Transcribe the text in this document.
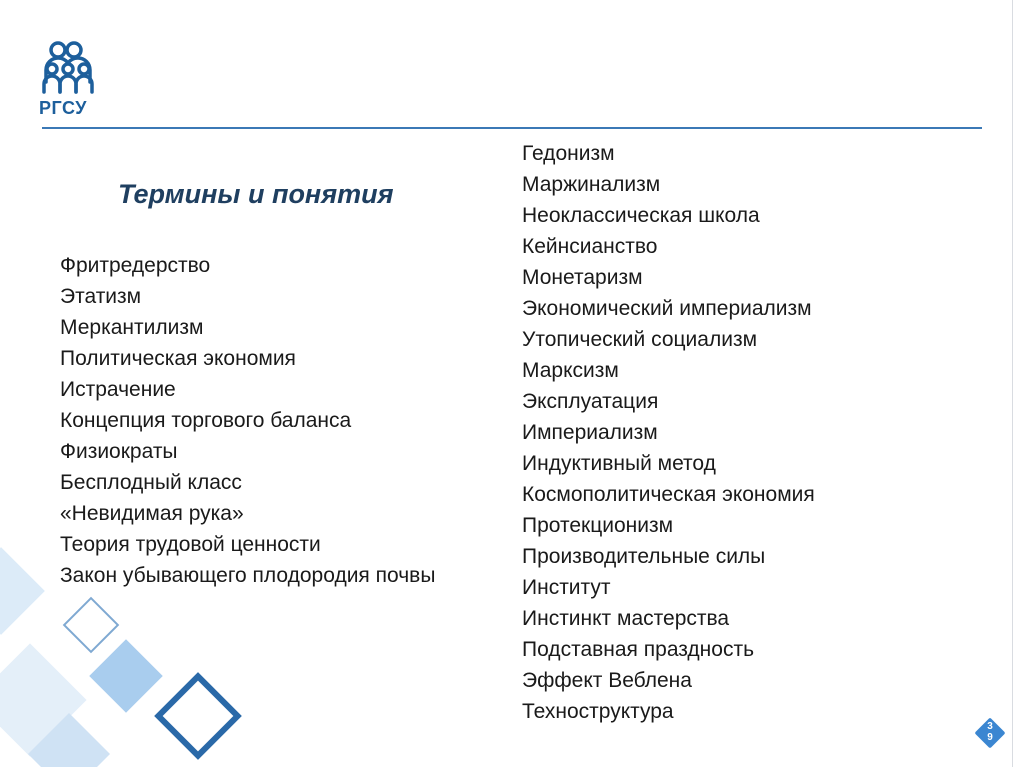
РГСУ
Термины и понятия
Фритредерство
Этатизм
Меркантилизм
Политическая экономия
Истрачение
Концепция торгового баланса
Физиократы
Бесплодный класс
«Невидимая рука»
Теория трудовой ценности
Закон убывающего плодородия почвы
Гедонизм
Маржинализм
Неоклассическая школа
Кейнсианство
Монетаризм
Экономический империализм
Утопический социализм
Марксизм
Эксплуатация
Империализм
Индуктивный метод
Космополитическая экономия
Протекционизм
Производительные силы
Институт
Инстинкт мастерства
Подставная праздность
Эффект Веблена
Техноструктура
3
9
